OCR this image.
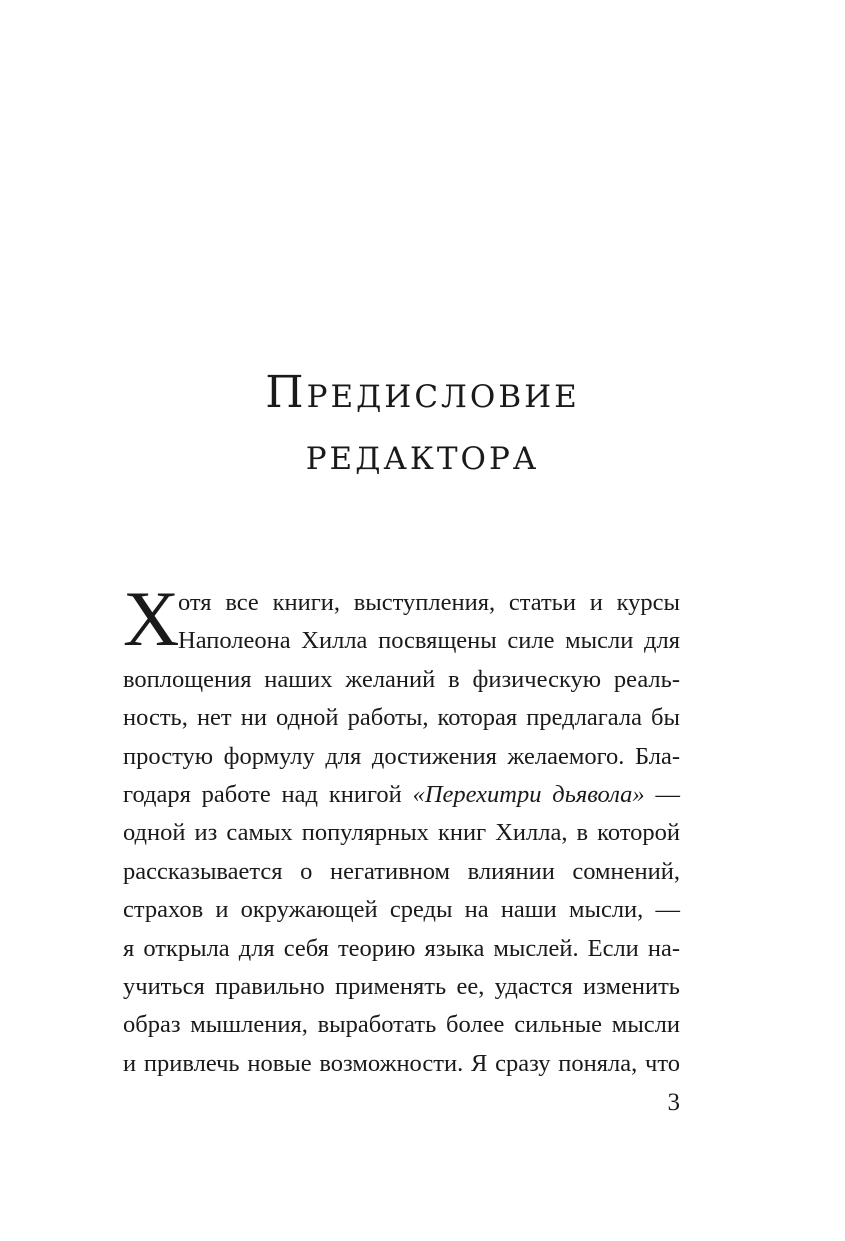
Предисловие
редактора
Х
отя все книги, выступления, статьи и курсы
Наполеона Хилла посвящены силе мысли для
воплощения наших желаний в физическую реаль-
ность, нет ни одной работы, которая предлагала бы
простую формулу для достижения желаемого. Бла-
годаря работе над книгой «Перехитри дьявола» —
одной из самых популярных книг Хилла, в которой
рассказывается о негативном влиянии сомнений,
страхов и окружающей среды на наши мысли, —
я открыла для себя теорию языка мыслей. Если на-
учиться правильно применять ее, удастся изменить
образ мышления, выработать более сильные мысли
и привлечь новые возможности. Я сразу поняла, что
3
